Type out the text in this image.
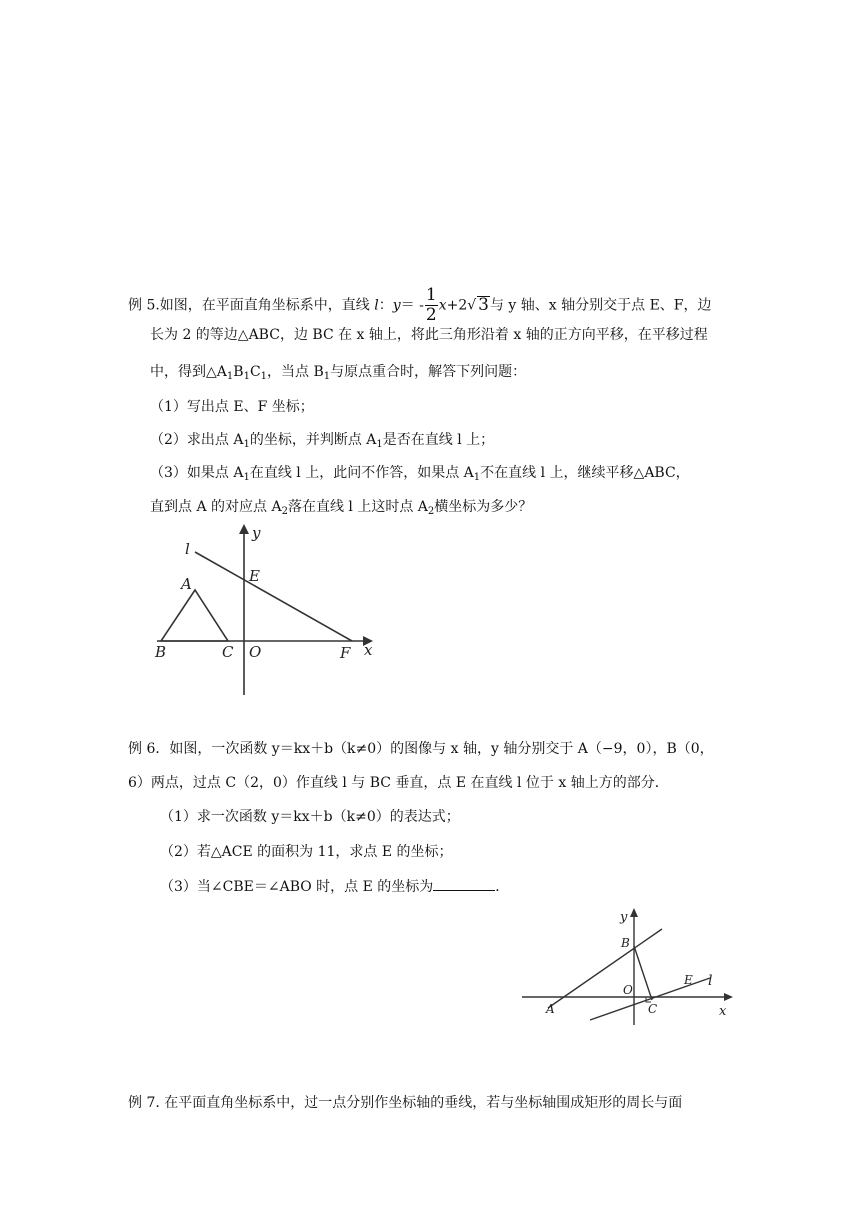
例 5.如图，在平面直角坐标系中，直线 l：$y= - \frac{1}{2} x+2√$ 3与 y 轴、x 轴分别交于点 E、F，边
长为 2 的等边△ABC，边 BC 在 x 轴上，将此三角形沿着 x 轴的正方向平移，在平移过程
中，得到$\triangle A_1B_1C_1$，当点 $B_1$与原点重合时，解答下列问题：
（1）写出点 E、F 坐标；
（2）求出点 $A_1$的坐标，并判断点 $A_1$是否在直线 l 上；
（3）如果点 $A_1$在直线 l 上，此问不作答，如果点 $A_1$不在直线 l 上，继续平移△ABC，
直到点 A 的对应点 $A_2$落在直线 l 上这时点 $A_2$横坐标为多少？
y
x
l
E
A
B	C O	F
例 6．如图，一次函数 y＝kx＋b（k≠0）的图像与 x 轴，y 轴分别交于 A（−9，0），B（0，
6）两点，过点 C（2，0）作直线 l 与 BC 垂直，点 E 在直线 l 位于 x 轴上方的部分．
（1）求一次函数 y＝kx＋b（k≠0）的表达式；
（2）若△ACE 的面积为 11，求点 E 的坐标；
（3）当∠CBE＝∠ABO 时，点 E 的坐标为	．
y
x
B
O
E l
A	C
例 7. 在平面直角坐标系中，过一点分别作坐标轴的垂线，若与坐标轴围成矩形的周长与面
